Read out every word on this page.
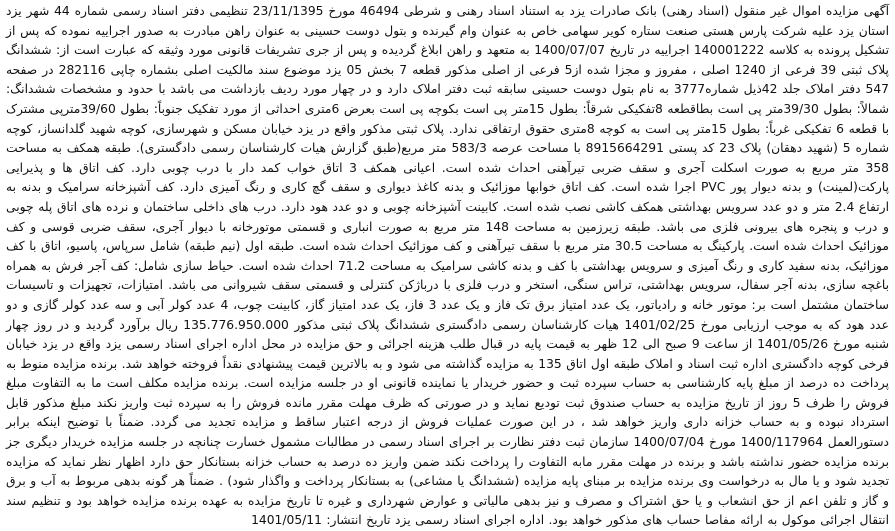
آگهی مزایده اموال غیر منقول (اسناد رهنی) بانک صادرات یزد به استناد اسناد رهنی و شرطی 46494 مورخ 23/11/1395 تنظیمی دفتر اسناد رسمی شماره 44 شهر یزد استان یزد علیه شرکت پارس هستی صنعت ستاره کویر سهامی خاص به عنوان وام گیرنده و بتول دوست حسینی به عنوان راهن مبادرت به صدور اجراییه نموده که پس از تشکیل پرونده به کلاسه 140001222 اجراییه در تاریخ 1400/07/07 به متعهد و راهن ابلاغ گردیده و پس از جری تشریفات قانونی مورد وثیقه که عبارت است از: ششدانگ پلاک ثبتی 39 فرعی از 1240 اصلی ، مفروز و مجزا شده از5 فرعی از اصلی مذکور قطعه 7 بخش 05 یزد موضوع سند مالکیت اصلی بشماره چاپی 282116 در صفحه 547 دفتر املاک جلد 42ذیل شماره3777 به نام بتول دوست حسینی سابقه ثبت دفتر املاک دارد و در چهار مورد ردیف بازداشت می باشد با حدود و مشخصات ششدانگ: شمالاً: بطول 39/30متر پی است بطاقطعه 8تفکیکی شرقاً: بطول 15متر پی است بکوچه پی است بعرض 6متری احداثی از مورد تفکیک جنوباً: بطول 39/60مترپی مشترک با قطعه 6 تفکیکی غرباً: بطول 15متر پی است به کوچه 8متری حقوق ارتفاقی ندارد. پلاک ثبتی مذکور واقع در یزد خیابان مسکن و شهرسازی، کوچه شهید گلدانساز، کوچه شماره 5 (شهید دهقان) پلاک 23 کد پستی 8915664291 با مساحت عرصه 583/3 متر مربع(طبق گزارش هیات کارشناسان رسمی دادگستری). طبقه همکف به مساحت 358 متر مربع به صورت اسکلت آجری و سقف ضربی تیرآهنی احداث شده است. اعیانی همکف 3 اتاق خواب کمد دار با درب چوبی دارد. کف اتاق ها و پذیرایی پارکت(لمینت) و بدنه دیوار پور PVC اجرا شده است. کف اتاق خوابها موزائیک و بدنه کاغذ دیواری و سقف گچ کاری و رنگ آمیزی دارد. کف آشپزخانه سرامیک و بدنه به ارتفاع 2.4 متر و دو عدد سرویس بهداشتی همکف کاشی نصب شده است. کابینت آشپزخانه چوبی و دو عدد هود دارد. درب های داخلی ساختمان و نرده های اتاق پله چوبی و درب و پنجره های بیرونی فلزی می باشد. طبقه زیرزمین به مساحت 148 متر مربع به صورت انباری و قسمتی موتورخانه با دیوار آجری، سقف ضربی قوسی و کف موزائیک احداث شده است. پارکینگ به مساحت 30.5 متر مربع با سقف تیرآهنی و کف موزائیک احداث شده است. طبقه اول (نیم طبقه) شامل سرپاس، پاسیو، اتاق با کف موزائیک، بدنه سفید کاری و رنگ آمیزی و سرویس بهداشتی با کف و بدنه کاشی سرامیک به مساحت 71.2 احداث شده است. حیاط سازی شامل: کف آجر فرش به همراه باغچه سازی، بدنه آجر سفال، سرویس بهداشتی، تراس سنگی، استخر و درب فلزی با درباژکن کنترلی و قسمتی سقف شیروانی می باشد. امتیازات، تجهیزات و تاسیسات ساختمان مشتمل است بر: موتور خانه و رادیاتور، یک عدد امتیاز برق تک فاز و یک عدد 3 فاز، یک عدد امتیاز گاز، کابینت چوب، 4 عدد کولر آبی و سه عدد کولر گازی و دو عدد هود که به موجب ارزیابی مورخ 1401/02/25 هیات کارشناسان رسمی دادگستری ششدانگ پلاک ثبتی مذکور 135.776.950.000 ریال برآورد گردید و در روز چهار شنبه مورخ 1401/05/26 از ساعت 9 صبح الی 12 ظهر به قیمت پایه در قبال طلب هزینه اجرائی و حق مزایده در محل اداره اجرای اسناد رسمی یزد واقع در یزد خیابان فرخی کوچه دادگستری اداره ثبت اسناد و املاک طبقه اول اتاق 135 به مزایده گذاشته می شود و به بالاترین قیمت پیشنهادی نقداً فروخته خواهد شد. برنده مزایده منوط به پرداخت ده درصد از مبلغ پایه کارشناسی به حساب سپرده ثبت و حضور خریدار یا نماینده قانونی او در جلسه مزایده است. برنده مزایده مکلف است ما به التفاوت مبلغ فروش را ظرف 5 روز از تاریخ مزایده به حساب صندوق ثبت تودیع نماید و در صورتی که ظرف مهلت مقرر مانده فروش را به سپرده ثبت واریز نکند مبلغ مذکور قابل استرداد نبوده و به حساب خزانه داری واریز خواهد شد ، در این صورت عملیات فروش از درجه اعتبار ساقط و مزایده تجدید می گردد. ضمناً با توضیح اینکه برابر دستورالعمل 1400/117964 مورخ 1400/07/04 سازمان ثبت دفتر نظارت بر اجرای اسناد رسمی در مطالبات مشمول خسارت چنانچه در جلسه مزایده خریدار دیگری جز برنده مزایده حضور نداشته باشد و برنده در مهلت مقرر مابه التفاوت را پرداخت نکند ضمن واریز ده درصد به حساب خزانه بستانکار حق دارد اظهار نظر نماید که مزایده تجدید شود و یا مال به درخواست وی برنده مزایده بر مبنای پایه مزایده (ششدانگ یا مشاعی) به بستانکار پرداخت و واگذار شود) . ضمناً هر گونه بدهی مربوط به آب و برق و گاز و تلفن اعم از حق انشعاب و یا حق اشتراک و مصرف و نیز بدهی مالیاتی و عوارض شهرداری و غیره تا تاریخ مزایده به عهده برنده مزایده خواهد بود و تنظیم سند انتقال اجرائی موکول به ارائه مفاصا حساب های مذکور خواهد بود. اداره اجرای اسناد رسمی یزد تاریخ انتشار: 1401/05/11
